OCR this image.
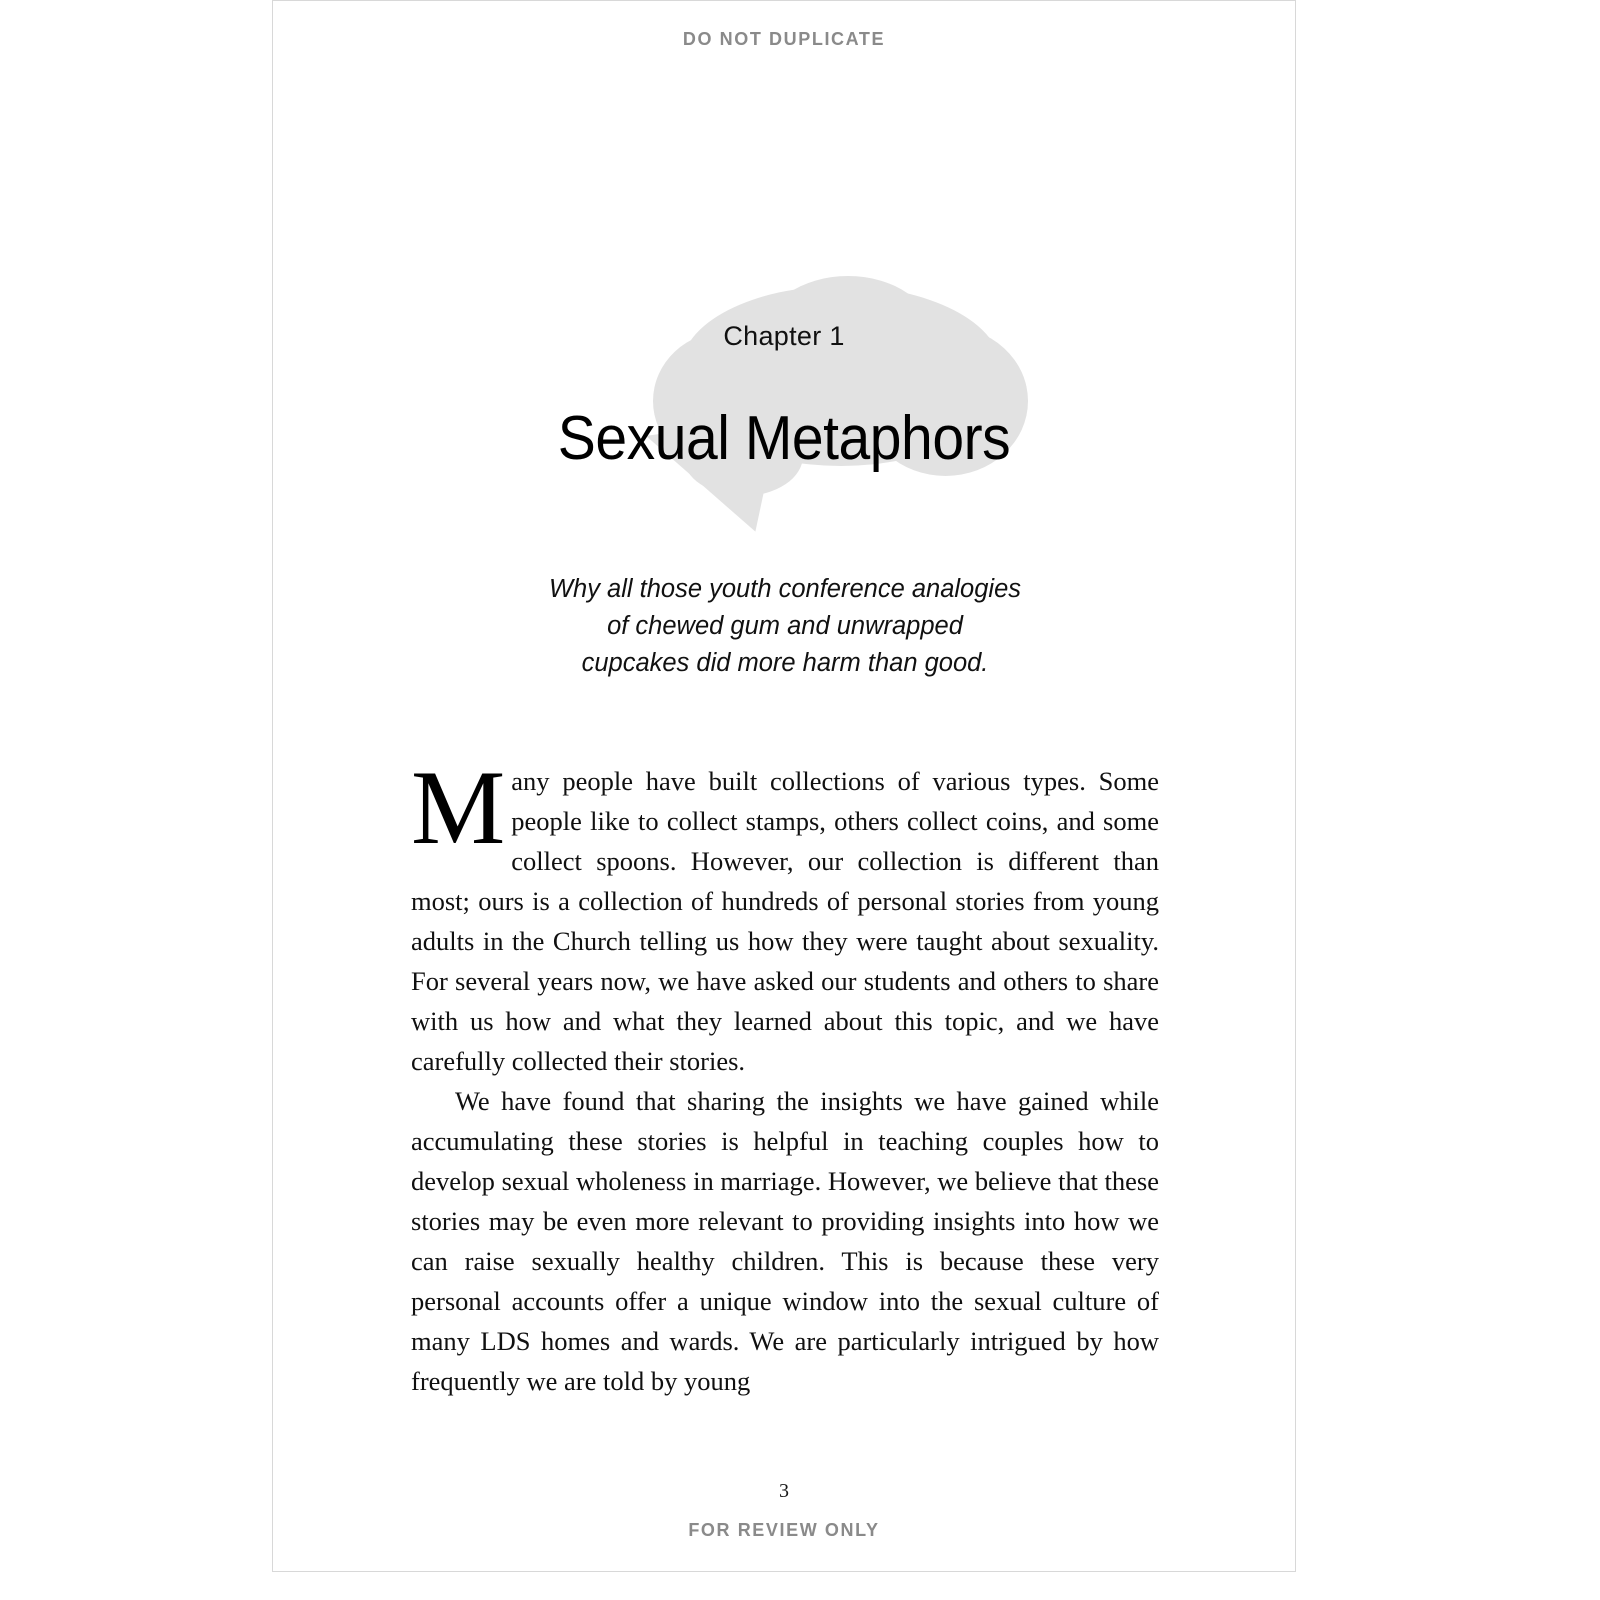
DO NOT DUPLICATE
Chapter 1
Sexual Metaphors
Why all those youth conference analogies
of chewed gum and unwrapped
cupcakes did more harm than good.

Many people have built collections of various types. Some people like to collect stamps, others collect coins, and some collect spoons. However, our collection is different than most; ours is a collection of hundreds of personal stories from young adults in the Church telling us how they were taught about sexuality. For several years now, we have asked our students and others to share with us how and what they learned about this topic, and we have carefully collected their stories.

We have found that sharing the insights we have gained while accumulating these stories is helpful in teaching couples how to develop sexual wholeness in marriage. However, we believe that these stories may be even more relevant to providing insights into how we can raise sexually healthy children. This is because these very personal accounts offer a unique window into the sexual culture of many LDS homes and wards. We are particularly intrigued by how frequently we are told by young

3
FOR REVIEW ONLY
